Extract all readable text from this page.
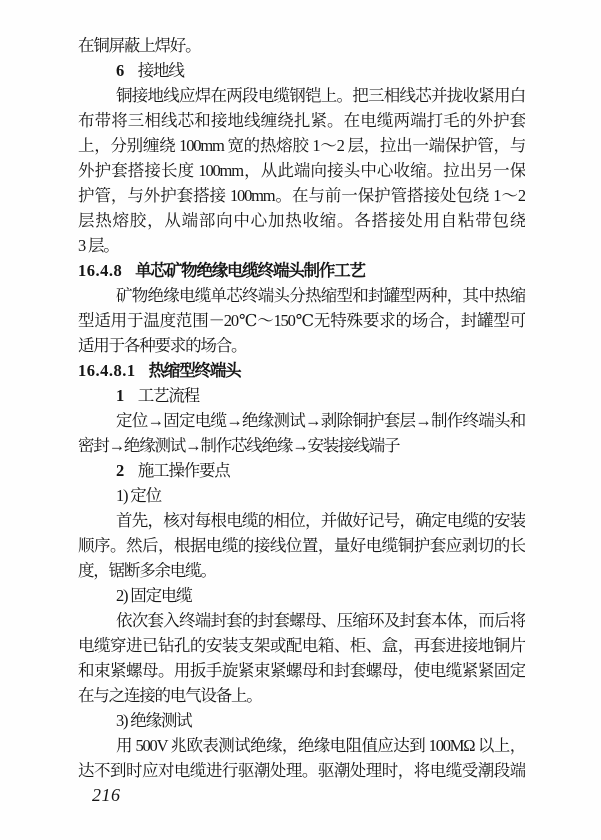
在铜屏蔽上焊好。
6 接地线
铜接地线应焊在两段电缆钢铠上。把三相线芯并拢收紧用白
布带将三相线芯和接地线缠绕扎紧。在电缆两端打毛的外护套
上，分别缠绕 100mm 宽的热熔胶 1～2 层，拉出一端保护管，与
外护套搭接长度 100mm，从此端向接头中心收缩。拉出另一保
护管，与外护套搭接 100mm。在与前一保护管搭接处包绕 1～2
层热熔胶，从端部向中心加热收缩。各搭接处用自粘带包绕
3 层。
16.4.8 单芯矿物绝缘电缆终端头制作工艺
矿物绝缘电缆单芯终端头分热缩型和封罐型两种，其中热缩
型适用于温度范围－20℃～150℃无特殊要求的场合，封罐型可
适用于各种要求的场合。
16.4.8.1 热缩型终端头
1 工艺流程
定位→固定电缆→绝缘测试→剥除铜护套层→制作终端头和
密封→绝缘测试→制作芯线绝缘→安装接线端子
2 施工操作要点
1) 定位
首先，核对每根电缆的相位，并做好记号，确定电缆的安装
顺序。然后，根据电缆的接线位置，量好电缆铜护套应剥切的长
度，锯断多余电缆。
2) 固定电缆
依次套入终端封套的封套螺母、压缩环及封套本体，而后将
电缆穿进已钻孔的安装支架或配电箱、柜、盒，再套进接地铜片
和束紧螺母。用扳手旋紧束紧螺母和封套螺母，使电缆紧紧固定
在与之连接的电气设备上。
3) 绝缘测试
用 500V 兆欧表测试绝缘，绝缘电阻值应达到 100MΩ 以上，
达不到时应对电缆进行驱潮处理。驱潮处理时，将电缆受潮段端
216
